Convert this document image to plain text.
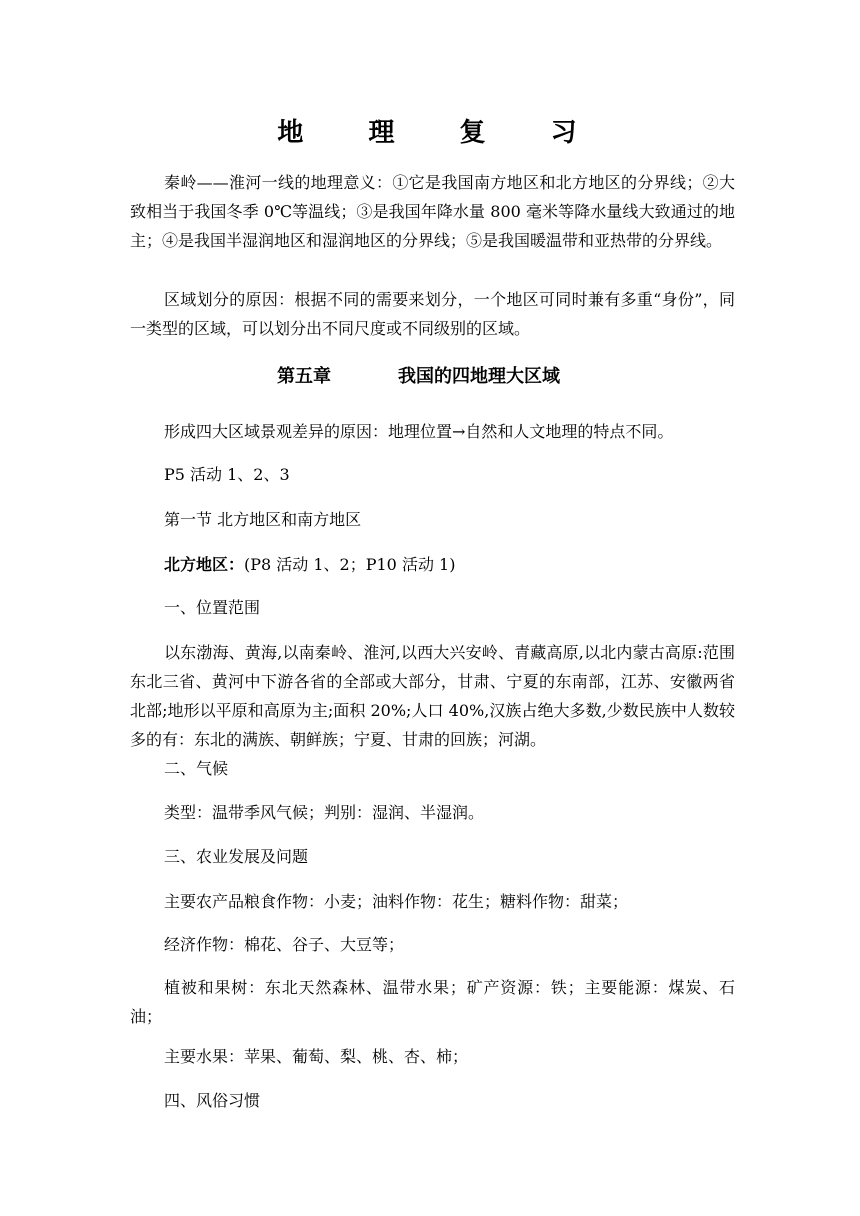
地 理 复 习
秦岭——淮河一线的地理意义：①它是我国南方地区和北方地区的分界线；②大致相当于我国冬季 0℃等温线；③是我国年降水量 800 毫米等降水量线大致通过的地主；④是我国半湿润地区和湿润地区的分界线；⑤是我国暖温带和亚热带的分界线。
区域划分的原因：根据不同的需要来划分，一个地区可同时兼有多重“身份”，同一类型的区域，可以划分出不同尺度或不同级别的区域。
第五章	我国的四地理大区域
形成四大区域景观差异的原因：地理位置→自然和人文地理的特点不同。
P5 活动 1、2、3
第一节 北方地区和南方地区
北方地区：(P8 活动 1、2；P10 活动 1)
一、位置范围
以东渤海、黄海,以南秦岭、淮河,以西大兴安岭、青藏高原,以北内蒙古高原:范围东北三省、黄河中下游各省的全部或大部分，甘肃、宁夏的东南部，江苏、安徽两省北部;地形以平原和高原为主;面积 20%;人口 40%,汉族占绝大多数,少数民族中人数较多的有：东北的满族、朝鲜族；宁夏、甘肃的回族；河湖。
二、气候
类型：温带季风气候；判别：湿润、半湿润。
三、农业发展及问题
主要农产品粮食作物：小麦；油料作物：花生；糖料作物：甜菜；
经济作物：棉花、谷子、大豆等；
植被和果树：东北天然森林、温带水果；矿产资源：铁；主要能源：煤炭、石油；
主要水果：苹果、葡萄、梨、桃、杏、柿；
四、风俗习惯
